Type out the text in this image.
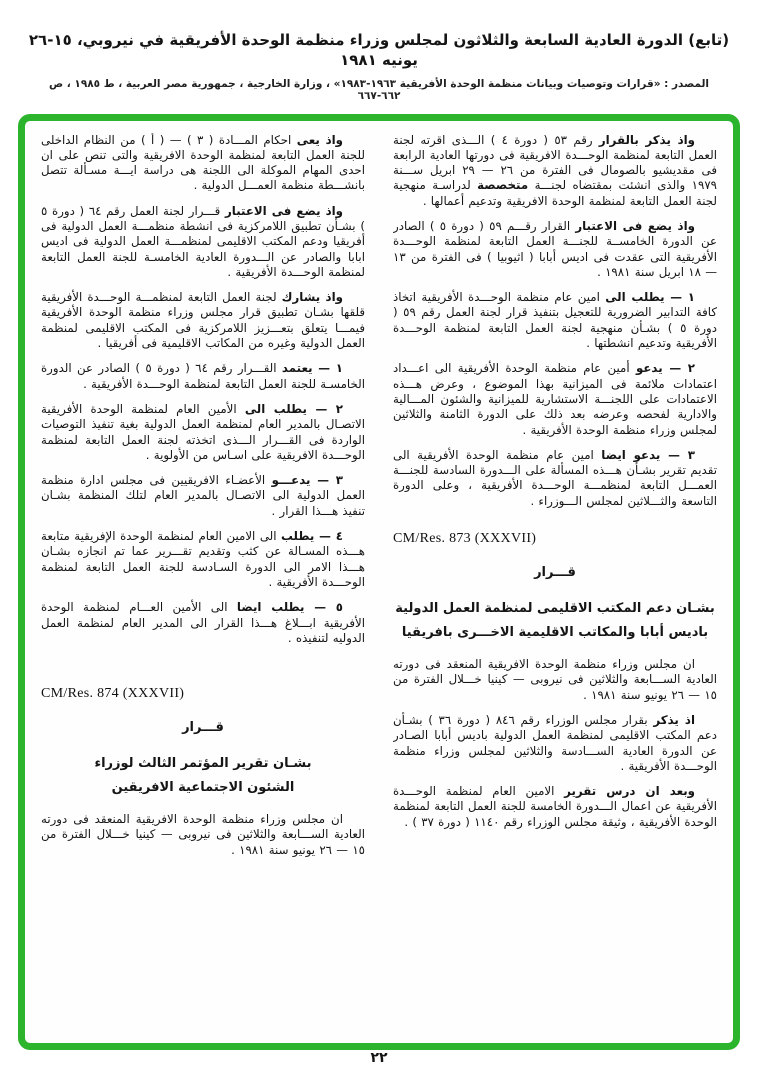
(تابع) الدورة العادية السابعة والثلاثون لمجلس وزراء منظمة الوحدة الأفريقية في نيروبي، ١٥-٢٦ يونيه ١٩٨١
المصدر : «قرارات وتوصيات وبيانات منظمة الوحدة الأفريقية ١٩٦٣-١٩٨٣» ، وزارة الخارجية ، جمهورية مصر العربية ، ط ١٩٨٥ ، ص ٦٦٢-٦٦٧

واذ يذكر بالقرار رقم ٥٣ ( دورة ٤ ) الـــذى اقرته لجنة العمل التابعة لمنظمة الوحـــدة الافريقية فى دورتها العادية الرابعة فى مقديشيو بالصومال فى الفترة من ٢٦ — ٢٩ ابريل ســـنة ١٩٧٩ والذى انشئت بمقتضاه لجنـــة متخصصة لدراسـة منهجية لجنة العمل التابعة لمنظمة الوحدة الافريقية وتدعيم أعمالها .

واذ يضع فى الاعتبار القرار رقـــم ٥٩ ( دورة ٥ ) الصادر عن الدورة الخامســة للجنـــة العمل التابعة لمنظمة الوحـــدة الأفريقية التى عقدت فى اديس أبابا ( اثيوبيا ) فى الفترة من ١٣ — ١٨ ابريل سنة ١٩٨١ .

١ — يطلب الى امين عام منظمة الوحـــدة الأفريقية اتخاذ كافة التدابير الضرورية للتعجيل بتنفيذ قرار لجنة العمل رقم ٥٩ ( دورة ٥ ) بشـأن منهجية لجنة العمل التابعة لمنظمة الوحـــدة الأفريقية وتدعيم انشطتها .

٢ — يدعو أمين عام منظمة الوحدة الأفريقية الى اعـــداد اعتمادات ملائمة فى الميزانية بهذا الموضوع ، وعرض هـــذه الاعتمادات على اللجنـــة الاستشارية للميزانية والشئون المـــالية والادارية لفحصه وعرضه بعد ذلك على الدورة الثامنة والثلاثين لمجلس وزراء منظمة الوحدة الأفريقية .

٣ — يدعو ايضا امين عام منظمة الوحدة الأفريقية الى تقديم تقرير بشـأن هـــذه المسألة على الـــدورة السادسة للجنـــة العمـــل التابعة لمنظمـــة الوحـــدة الأفريقية ، وعلى الدورة التاسعة والثـــلاثين لمجلس الـــوزراء .

CM/Res. 873 (XXXVII)

قـــرار

بشـان دعم المكتب الاقليمى لمنظمة العمل الدولية
باديس أبابا والمكاتب الاقليمية الاخـــرى بافريقيا

ان مجلس وزراء منظمة الوحدة الافريقية المنعقد فى دورته العادية الســـابعة والثلاثين فى نيروبى — كينيا خـــلال الفترة من ١٥ — ٢٦ يونيو سنة ١٩٨١ .

اذ يذكر بقرار مجلس الوزراء رقم ٨٤٦ ( دورة ٣٦ ) بشـأن دعم المكتب الاقليمى لمنظمة العمل الدولية باديس أبابا الصـادر عن الدورة العادية الســـادسة والثلاثين لمجلس وزراء منظمة الوحـــدة الأفريقية .

وبعد ان درس تقرير الامين العام لمنظمة الوحـــدة الأفريقية عن اعمال الـــدورة الخامسة للجنة العمل التابعة لمنظمة الوحدة الأفريقية ، وثيقة مجلس الوزراء رقم ١١٤٠ ( دورة ٣٧ ) .

واذ يعى احكام المـــادة ( ٣ ) — ( أ ) من النظام الداخلى للجنة العمل التابعة لمنظمة الوحدة الافريقية والتى تنص على ان احدى المهام الموكلة الى اللجنة هى دراسة ايـــة مسـألة تتصل بانشـــطة منظمة العمـــل الدولية .

واذ يضع فى الاعتبار قـــرار لجنة العمل رقم ٦٤ ( دورة ٥ ) بشـأن تطبيق اللامركزية فى انشطة منظمـــة العمل الدولية فى أفريقيا ودعم المكتب الاقليمى لمنظمـــة العمل الدولية فى اديس ابابا والصادر عن الـــدورة العادية الخامسـة للجنة العمل التابعة لمنظمة الوحـــدة الأفريقية .

واذ يشارك لجنة العمل التابعة لمنظمـــة الوحـــدة الأفريقية قلقها بشـان تطبيق قرار مجلس وزراء منظمة الوحدة الأفريقية فيمـــا يتعلق بتعـــزيز اللامركزية فى المكتب الاقليمى لمنظمة العمل الدولية وغيره من المكاتب الاقليمية فى أفريقيا .

١ — يعتمد القـــرار رقم ٦٤ ( دورة ٥ ) الصادر عن الدورة الخامسـة للجنة العمل التابعة لمنظمة الوحـــدة الأفريقية .

٢ — يطلب الى الأمين العام لمنظمة الوحدة الأفريقية الاتصـال بالمدير العام لمنظمة العمل الدولية بغية تنفيذ التوصيات الواردة فى القـــرار الـــذى اتخذته لجنة العمل التابعة لمنظمة الوحـــدة الافريقية على اسـاس من الأولوية .

٣ — يدعـــو الأعضـاء الافريقيين فى مجلس ادارة منظمة العمل الدولية الى الاتصـال بالمدير العام لتلك المنظمة بشـان تنفيذ هـــذا القرار .

٤ — يطلب الى الامين العام لمنظمة الوحدة الإفريقية متابعة هـــذه المسـالة عن كثب وتقديم تقـــرير عما تم انجازه بشـان هـــذا الامر الى الدورة السـادسة للجنة العمل التابعة لمنظمة الوحـــدة الأفريقية .

٥ — يطلب ايضا الى الأمين العـــام لمنظمة الوحدة الأفريقية ابـــلاغ هـــذا القرار الى المدير العام لمنظمة العمل الدوليه لتنفيذه .

CM/Res. 874 (XXXVII)

قـــرار

بشـان تقرير المؤتمر الثالث لوزراء
الشئون الاجتماعية الافريقين

ان مجلس وزراء منظمة الوحدة الافريقية المنعقد فى دورته العادية الســـابعة والثلاثين فى نيروبى — كينيا خـــلال الفترة من ١٥ — ٢٦ يونيو سنة ١٩٨١ .

٢٢
